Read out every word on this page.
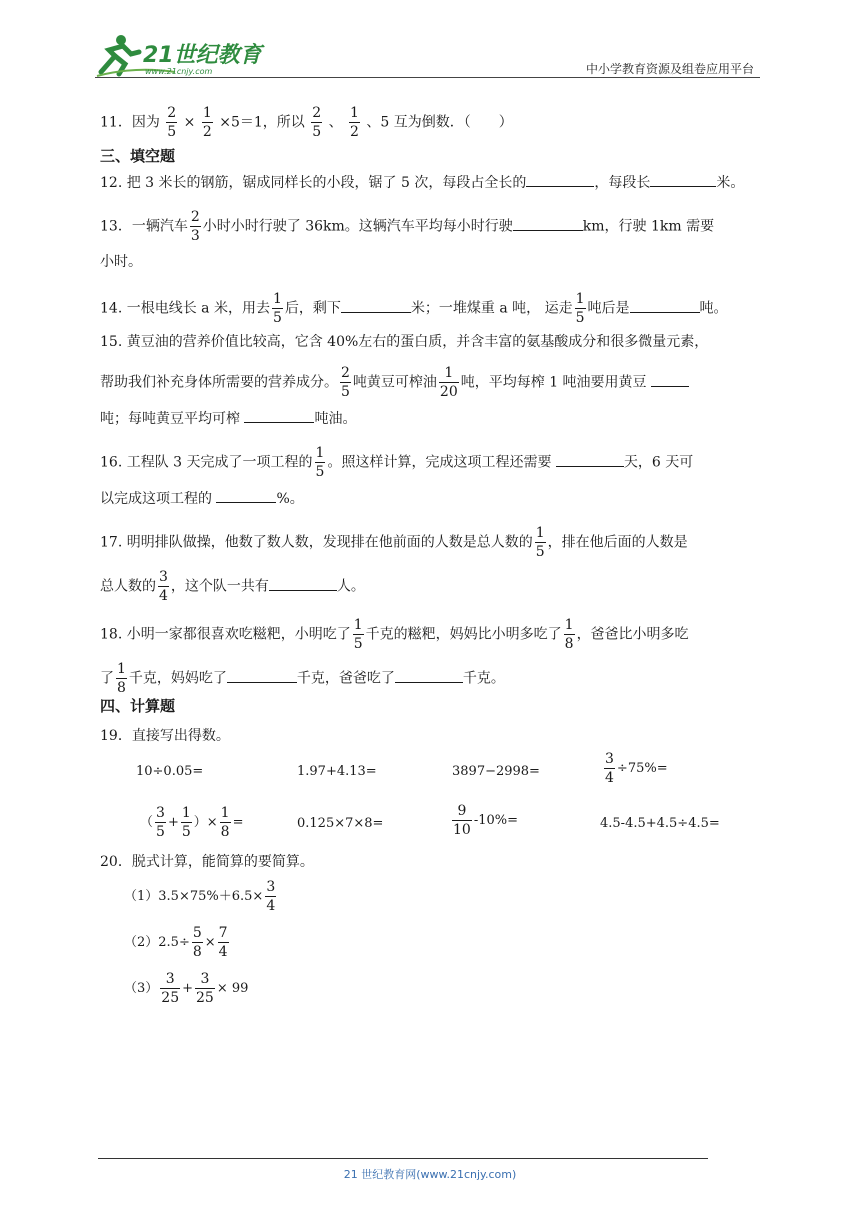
21世纪教育
www.21cnjy.com	中小学教育资源及组卷应用平台
11．因为 $\frac{2}{5} \times \frac{1}{2} \times 5=1$，所以 $\frac{2}{5}$ 、 $\frac{1}{2}$ 、5 互为倒数．（　　）
三、填空题
12. 把 3 米长的钢筋，锯成同样长的小段，锯了 5 次，每段占全长的	，每段长	米。
13．一辆汽车 $\frac{2}{3}$ 小时小时行驶了 36km。这辆汽车平均每小时行驶	km，行驶 1km 需要
小时。
14. 一根电线长 a 米，用去 $\frac{1}{5}$ 后，剩下	米；一堆煤重 a 吨， 运走 $\frac{1}{5}$ 吨后是	吨。
15. 黄豆油的营养价值比较高，它含 40%左右的蛋白质，并含丰富的氨基酸成分和很多微量元素，
帮助我们补充身体所需要的营养成分。 $\frac{2}{5}$ 吨黄豆可榨油 $\frac{1}{20}$ 吨，平均每榨 1 吨油要用黄豆
吨；每吨黄豆平均可榨	吨油。
16. 工程队 3 天完成了一项工程的 $\frac{1}{5}$ 。照这样计算，完成这项工程还需要	天，6 天可
以完成这项工程的	%。
17. 明明排队做操，他数了数人数，发现排在他前面的人数是总人数的 $\frac{1}{5}$ ，排在他后面的人数是
总人数的 $\frac{3}{4}$ ，这个队一共有	人。
18. 小明一家都很喜欢吃糍粑，小明吃了 $\frac{1}{5}$ 千克的糍粑，妈妈比小明多吃了 $\frac{1}{8}$ ，爸爸比小明多吃
了 $\frac{1}{8}$ 千克，妈妈吃了	千克，爸爸吃了	千克。
四、计算题
19．直接写出得数。
10÷0.05=	1.97+4.13=	3897−2998=	$\frac{3}{4} \div 75\%=$
（ $\frac{3}{5} + \frac{1}{5}$ ）× $\frac{1}{8}$ =	0.125×7×8=	$\frac{9}{10} -10\%=$	4.5-4.5+4.5÷4.5=
20．脱式计算，能简算的要简算。
$(1)3.5\times 75\%+6.5\times \frac{3}{4}$
$(2)2.5\div \frac{5}{8} \times \frac{7}{4}$
$(3) \frac{3}{25} + \frac{3}{25} \times 99$
21 世纪教育网(www.21cnjy.com)
